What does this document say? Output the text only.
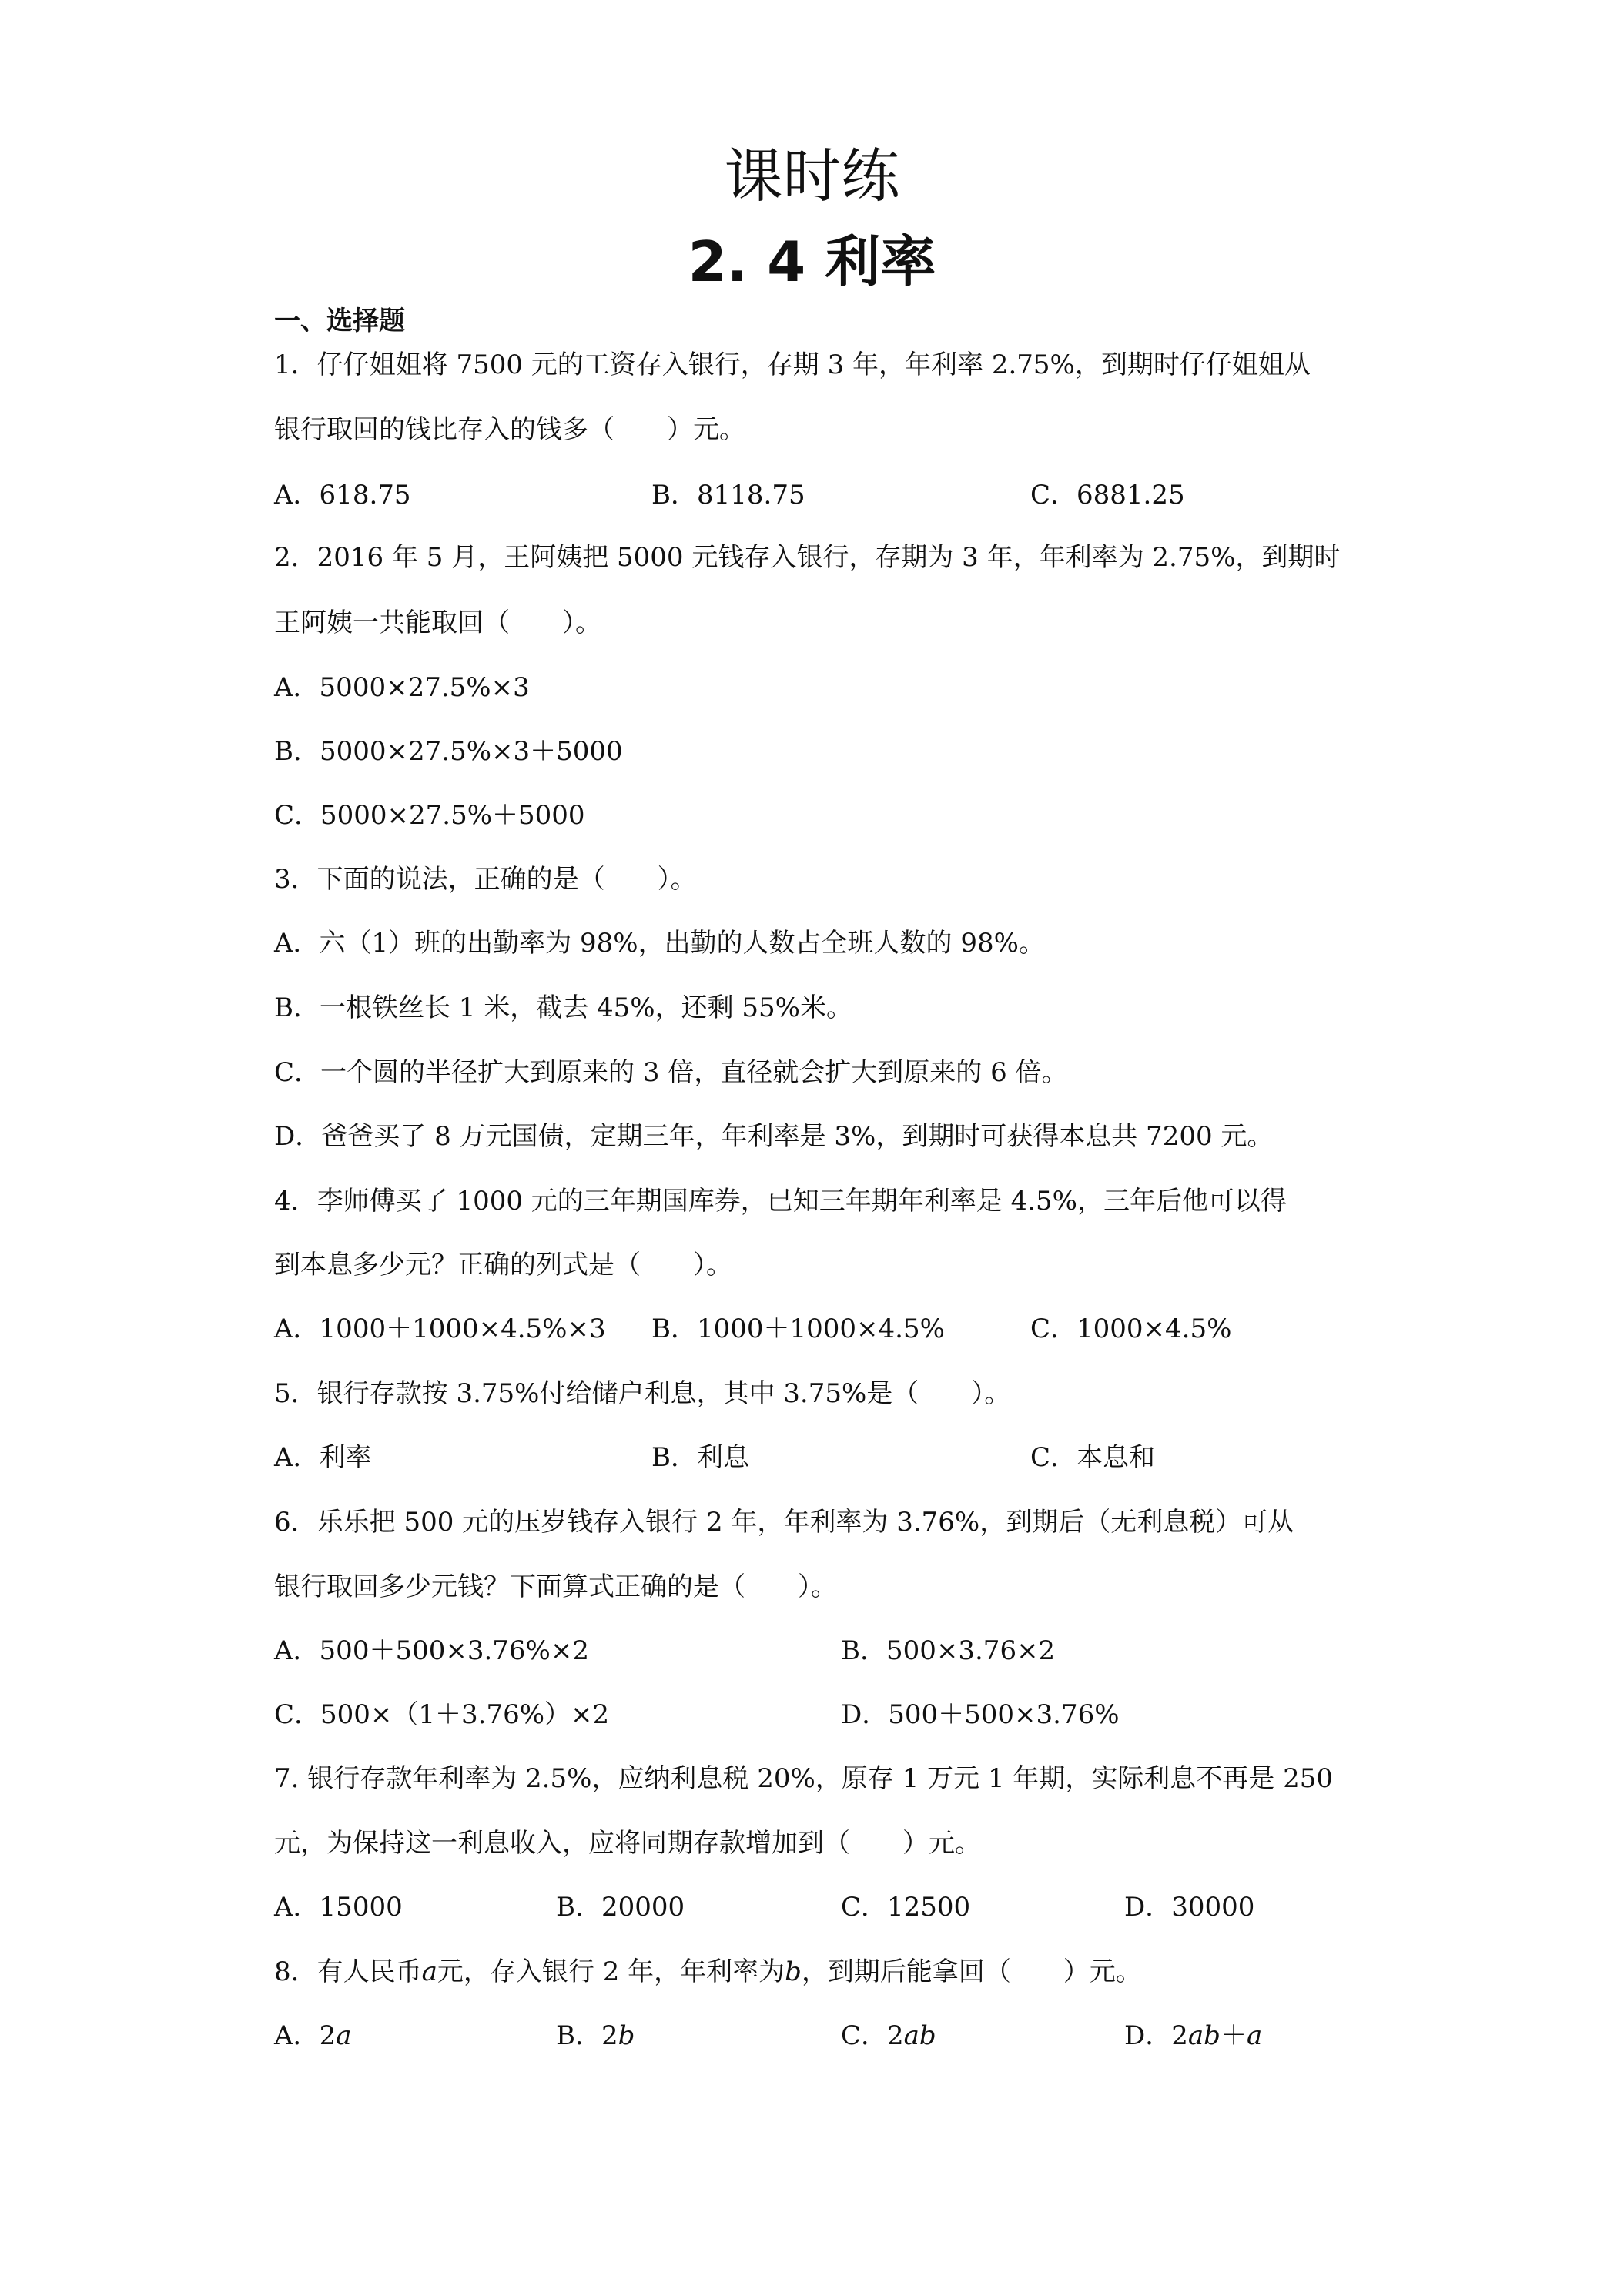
课时练
2. 4 利率
一、选择题
1．仔仔姐姐将 7500 元的工资存入银行，存期 3 年，年利率 2.75%，到期时仔仔姐姐从
银行取回的钱比存入的钱多（　　）元。
A．618.75	B．8118.75	C．6881.25
2．2016 年 5 月，王阿姨把 5000 元钱存入银行，存期为 3 年，年利率为 2.75%，到期时
王阿姨一共能取回（　　）。
A．5000×27.5%×3
B．5000×27.5%×3＋5000
C．5000×27.5%＋5000
3．下面的说法，正确的是（　　）。
A．六（1）班的出勤率为 98%，出勤的人数占全班人数的 98%。
B．一根铁丝长 1 米，截去 45%，还剩 55%米。
C．一个圆的半径扩大到原来的 3 倍，直径就会扩大到原来的 6 倍。
D．爸爸买了 8 万元国债，定期三年，年利率是 3%，到期时可获得本息共 7200 元。
4．李师傅买了 1000 元的三年期国库券，已知三年期年利率是 4.5%，三年后他可以得
到本息多少元？正确的列式是（　　）。
A．1000＋1000×4.5%×3 B．1000＋1000×4.5%	C．1000×4.5%
5．银行存款按 3.75%付给储户利息，其中 3.75%是（　　）。
A．利率	B．利息	C．本息和
6．乐乐把 500 元的压岁钱存入银行 2 年，年利率为 3.76%，到期后（无利息税）可从
银行取回多少元钱？下面算式正确的是（　　）。
A．500＋500×3.76%×2	B．500×3.76×2
C．500×（1＋3.76%）×2	D．500＋500×3.76%
7. 银行存款年利率为 2.5%，应纳利息税 20%，原存 1 万元 1 年期，实际利息不再是 250
元，为保持这一利息收入，应将同期存款增加到（　　）元。
A．15000	B．20000	C．12500	D．30000
8．有人民币a元，存入银行 2 年，年利率为b，到期后能拿回（　　）元。
A．2a	B．2b	C．2ab	D．2ab＋a
